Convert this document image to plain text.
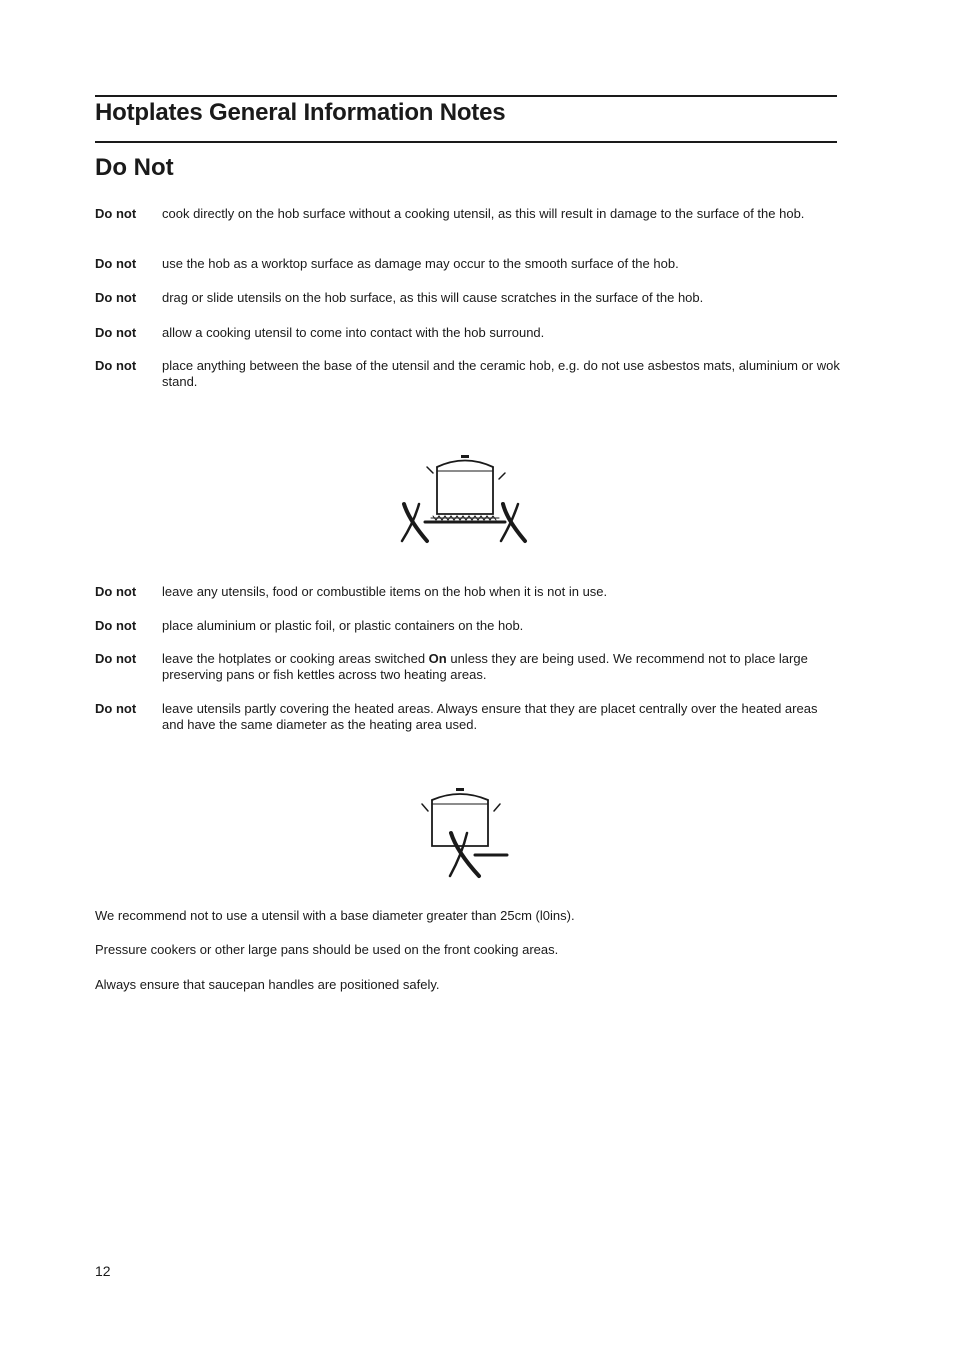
Hotplates General Information Notes
Do Not
Do not cook directly on the hob surface without a cooking utensil, as this will result in damage to the surface of the hob.
Do not use the hob as a worktop surface as damage may occur to the smooth surface of the hob.
Do not drag or slide utensils on the hob surface, as this will cause scratches in the surface of the hob.
Do not allow a cooking utensil to come into contact with the hob surround.
Do not place anything between the base of the utensil and the ceramic hob, e.g. do not use asbestos mats, aluminium or wok stand.
Do not leave any utensils, food or combustible items on the hob when it is not in use.
Do not place aluminium or plastic foil, or plastic containers on the hob.
Do not leave the hotplates or cooking areas switched On unless they are being used. We recommend not to place large preserving pans or fish kettles across two heating areas.
Do not leave utensils partly covering the heated areas. Always ensure that they are placet centrally over the heated areas and have the same diameter as the heating area used.
We recommend not to use a utensil with a base diameter greater than 25cm (l0ins).
Pressure cookers or other large pans should be used on the front cooking areas.
Always ensure that saucepan handles are positioned safely.
12
